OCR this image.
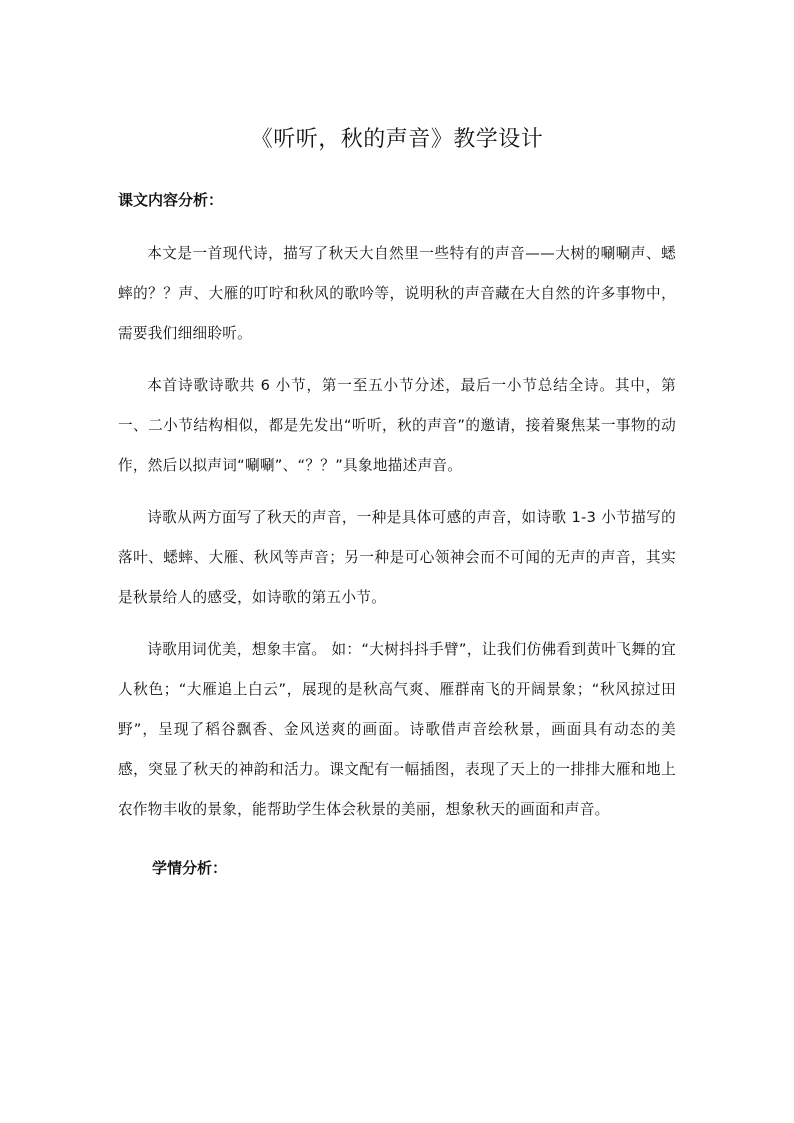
《听听，秋的声音》教学设计
课文内容分析：

本文是一首现代诗，描写了秋天大自然里一些特有的声音——大树的唰唰声、蟋蟀的？？声、大雁的叮咛和秋风的歌吟等，说明秋的声音藏在大自然的许多事物中，需要我们细细聆听。

本首诗歌诗歌共 6 小节，第一至五小节分述，最后一小节总结全诗。其中，第一、二小节结构相似，都是先发出“听听，秋的声音”的邀请，接着聚焦某一事物的动作，然后以拟声词“唰唰”、“？？”具象地描述声音。

诗歌从两方面写了秋天的声音，一种是具体可感的声音，如诗歌 1-3 小节描写的落叶、蟋蟀、大雁、秋风等声音；另一种是可心领神会而不可闻的无声的声音，其实是秋景给人的感受，如诗歌的第五小节。

诗歌用词优美，想象丰富。 如：“大树抖抖手臂”，让我们仿佛看到黄叶飞舞的宜人秋色；“大雁追上白云”，展现的是秋高气爽、雁群南飞的开阔景象；“秋风掠过田野”，呈现了稻谷飘香、金风送爽的画面。诗歌借声音绘秋景，画面具有动态的美感，突显了秋天的神韵和活力。课文配有一幅插图，表现了天上的一排排大雁和地上农作物丰收的景象，能帮助学生体会秋景的美丽，想象秋天的画面和声音。

学情分析：
